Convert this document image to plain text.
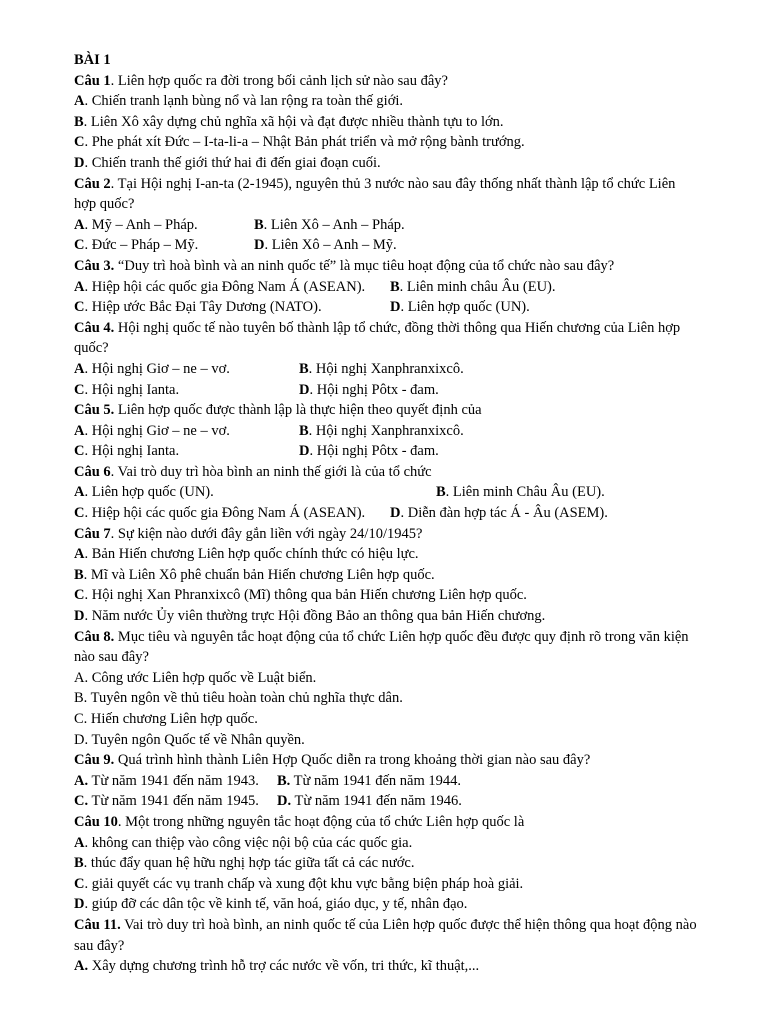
BÀI 1
Câu 1. Liên hợp quốc ra đời trong bối cảnh lịch sử nào sau đây?
A. Chiến tranh lạnh bùng nổ và lan rộng ra toàn thế giới.
B. Liên Xô xây dựng chủ nghĩa xã hội và đạt được nhiều thành tựu to lớn.
C. Phe phát xít Đức – I-ta-li-a – Nhật Bản phát triển và mở rộng bành trướng.
D. Chiến tranh thế giới thứ hai đi đến giai đoạn cuối.
Câu 2. Tại Hội nghị I-an-ta (2-1945), nguyên thủ 3 nước nào sau đây thống nhất thành lập tổ chức Liên
hợp quốc?
A. Mỹ – Anh – Pháp.	B. Liên Xô – Anh – Pháp.
C. Đức – Pháp – Mỹ.	D. Liên Xô – Anh – Mỹ.
Câu 3. “Duy trì hoà bình và an ninh quốc tế” là mục tiêu hoạt động của tổ chức nào sau đây?
A. Hiệp hội các quốc gia Đông Nam Á (ASEAN). B. Liên minh châu Âu (EU).
C. Hiệp ước Bắc Đại Tây Dương (NATO).	D. Liên hợp quốc (UN).
Câu 4. Hội nghị quốc tế nào tuyên bố thành lập tổ chức, đồng thời thông qua Hiến chương của Liên hợp
quốc?
A. Hội nghị Giơ – ne – vơ.	B. Hội nghị Xanphranxixcô.
C. Hội nghị Ianta.	D. Hội nghị Pôtx - đam.
Câu 5. Liên hợp quốc được thành lập là thực hiện theo quyết định của
A. Hội nghị Giơ – ne – vơ.	B. Hội nghị Xanphranxixcô.
C. Hội nghị Ianta.	D. Hội nghị Pôtx - đam.
Câu 6. Vai trò duy trì hòa bình an ninh thế giới là của tổ chức
A. Liên hợp quốc (UN).	B. Liên minh Châu Âu (EU).
C. Hiệp hội các quốc gia Đông Nam Á (ASEAN). D. Diễn đàn hợp tác Á - Âu (ASEM).
Câu 7. Sự kiện nào dưới đây gắn liền với ngày 24/10/1945?
A. Bản Hiến chương Liên hợp quốc chính thức có hiệu lực.
B. Mĩ và Liên Xô phê chuẩn bản Hiến chương Liên hợp quốc.
C. Hội nghị Xan Phranxixcô (Mĩ) thông qua bản Hiến chương Liên hợp quốc.
D. Năm nước Ủy viên thường trực Hội đồng Bảo an thông qua bản Hiến chương.
Câu 8. Mục tiêu và nguyên tắc hoạt động của tổ chức Liên hợp quốc đều được quy định rõ trong văn kiện
nào sau đây?
A. Công ước Liên hợp quốc về Luật biển.
B. Tuyên ngôn về thủ tiêu hoàn toàn chủ nghĩa thực dân.
C. Hiến chương Liên hợp quốc.
D. Tuyên ngôn Quốc tế về Nhân quyền.
Câu 9. Quá trình hình thành Liên Hợp Quốc diễn ra trong khoảng thời gian nào sau đây?
A. Từ năm 1941 đến năm 1943. B. Từ năm 1941 đến năm 1944.
C. Từ năm 1941 đến năm 1945. D. Từ năm 1941 đến năm 1946.
Câu 10. Một trong những nguyên tắc hoạt động của tổ chức Liên hợp quốc là
A. không can thiệp vào công việc nội bộ của các quốc gia.
B. thúc đẩy quan hệ hữu nghị hợp tác giữa tất cả các nước.
C. giải quyết các vụ tranh chấp và xung đột khu vực bằng biện pháp hoà giải.
D. giúp đỡ các dân tộc về kinh tế, văn hoá, giáo dục, y tế, nhân đạo.
Câu 11. Vai trò duy trì hoà bình, an ninh quốc tế của Liên hợp quốc được thể hiện thông qua hoạt động nào
sau đây?
A. Xây dựng chương trình hỗ trợ các nước về vốn, tri thức, kĩ thuật,...
